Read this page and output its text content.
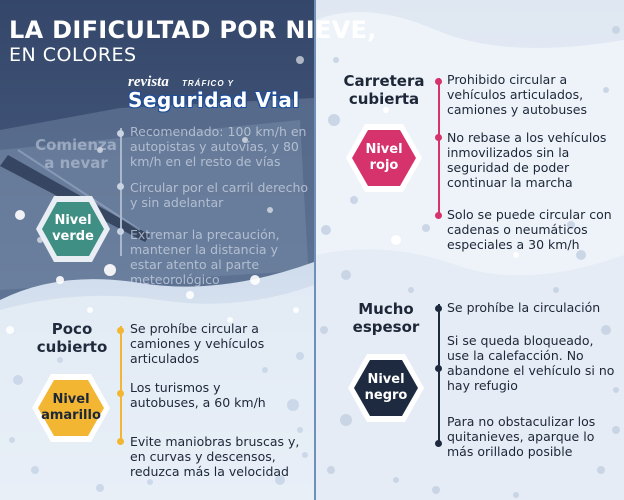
LA DIFICULTAD POR NIEVE,
EN COLORES
revista TRÁFICO Y
Seguridad Vial
Comienza
a nevar
Recomendado: 100 km/h en autopistas y autovías, y 80 km/h en el resto de vías
Circular por el carril derecho y sin adelantar
Extremar la precaución, mantener la distancia y estar atento al parte meteorológico
Nivel
verde
Poco
cubierto
Se prohíbe circular a camiones y vehículos articulados
Los turismos y autobuses, a 60 km/h
Evite maniobras bruscas y, en curvas y descensos, reduzca más la velocidad
Nivel
amarillo
Carretera
cubierta
Prohibido circular a vehículos articulados, camiones y autobuses
No rebase a los vehículos inmovilizados sin la seguridad de poder continuar la marcha
Solo se puede circular con cadenas o neumáticos especiales a 30 km/h
Nivel
rojo
Mucho
espesor
Se prohíbe la circulación
Si se queda bloqueado, use la calefacción. No abandone el vehículo si no hay refugio
Para no obstaculizar los quitanieves, aparque lo más orillado posible
Nivel
negro
